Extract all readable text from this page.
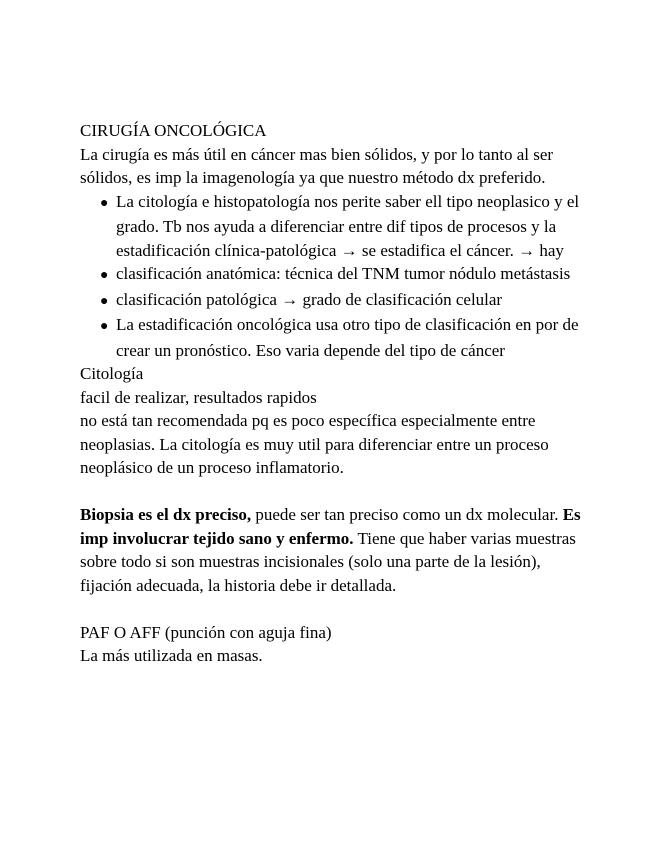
CIRUGÍA ONCOLÓGICA

La cirugía es más útil en cáncer mas bien sólidos, y por lo tanto al ser sólidos, es imp la imagenología ya que nuestro método dx preferido.

● La citología e histopatología nos perite saber ell tipo neoplasico y el grado. Tb nos ayuda a diferenciar entre dif tipos de procesos y la estadificación clínica-patológica → se estadifica el cáncer. → hay
● clasificación anatómica: técnica del TNM tumor nódulo metástasis
● clasificación patológica → grado de clasificación celular
● La estadificación oncológica usa otro tipo de clasificación en por de crear un pronóstico. Eso varia depende del tipo de cáncer

Citología

facil de realizar, resultados rapidos

no está tan recomendada pq es poco específica especialmente entre neoplasias. La citología es muy util para diferenciar entre un proceso neoplásico de un proceso inflamatorio.

Biopsia es el dx preciso, puede ser tan preciso como un dx molecular. Es imp involucrar tejido sano y enfermo. Tiene que haber varias muestras sobre todo si son muestras incisionales (solo una parte de la lesión), fijación adecuada, la historia debe ir detallada.

PAF O AFF (punción con aguja fina)

La más utilizada en masas.
